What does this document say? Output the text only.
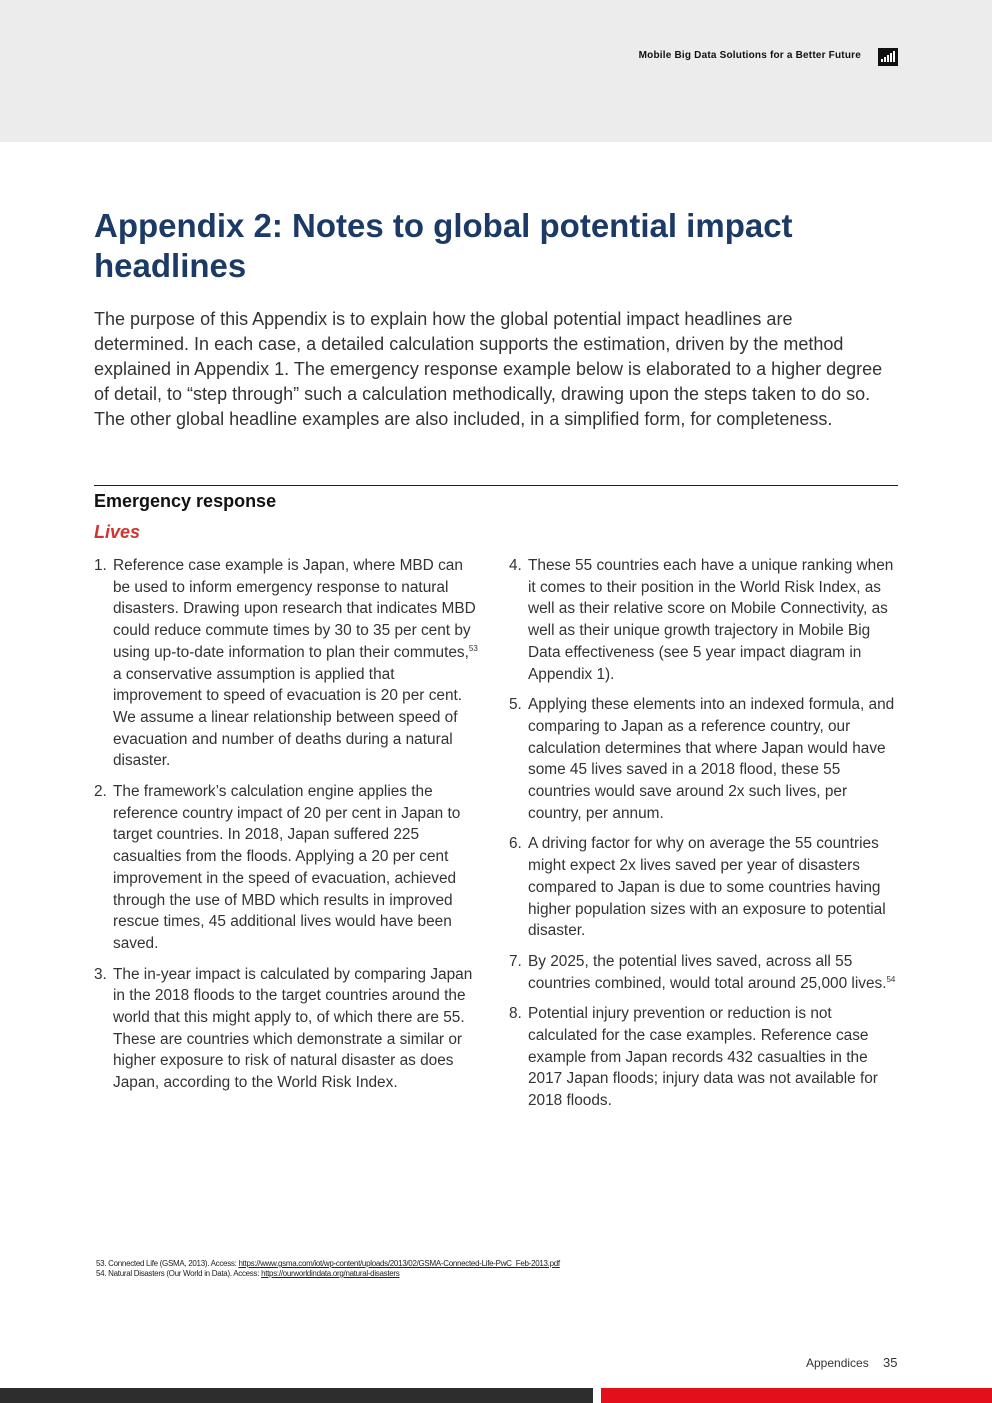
Mobile Big Data Solutions for a Better Future
Appendix 2: Notes to global potential impact headlines

The purpose of this Appendix is to explain how the global potential impact headlines are determined. In each case, a detailed calculation supports the estimation, driven by the method explained in Appendix 1. The emergency response example below is elaborated to a higher degree of detail, to “step through” such a calculation methodically, drawing upon the steps taken to do so. The other global headline examples are also included, in a simplified form, for completeness.

Emergency response
Lives
1. Reference case example is Japan, where MBD can be used to inform emergency response to natural disasters. Drawing upon research that indicates MBD could reduce commute times by 30 to 35 per cent by using up-to-date information to plan their commutes,$^{53}$ a conservative assumption is applied that improvement to speed of evacuation is 20 per cent. We assume a linear relationship between speed of evacuation and number of deaths during a natural disaster.
2. The framework’s calculation engine applies the reference country impact of 20 per cent in Japan to target countries. In 2018, Japan suffered 225 casualties from the floods. Applying a 20 per cent improvement in the speed of evacuation, achieved through the use of MBD which results in improved rescue times, 45 additional lives would have been saved.
3. The in-year impact is calculated by comparing Japan in the 2018 floods to the target countries around the world that this might apply to, of which there are 55. These are countries which demonstrate a similar or higher exposure to risk of natural disaster as does Japan, according to the World Risk Index.
4. These 55 countries each have a unique ranking when it comes to their position in the World Risk Index, as well as their relative score on Mobile Connectivity, as well as their unique growth trajectory in Mobile Big Data effectiveness (see 5 year impact diagram in Appendix 1).
5. Applying these elements into an indexed formula, and comparing to Japan as a reference country, our calculation determines that where Japan would have some 45 lives saved in a 2018 flood, these 55 countries would save around 2x such lives, per country, per annum.
6. A driving factor for why on average the 55 countries might expect 2x lives saved per year of disasters compared to Japan is due to some countries having higher population sizes with an exposure to potential disaster.
7. By 2025, the potential lives saved, across all 55 countries combined, would total around 25,000 lives.$^{54}$
8. Potential injury prevention or reduction is not calculated for the case examples. Reference case example from Japan records 432 casualties in the 2017 Japan floods; injury data was not available for 2018 floods.
53. Connected Life (GSMA, 2013). Access: https://www.gsma.com/iot/wp-content/uploads/2013/02/GSMA-Connected-Life-PwC_Feb-2013.pdf
54. Natural Disasters (Our World in Data). Access: https://ourworldindata.org/natural-disasters
Appendices 35
